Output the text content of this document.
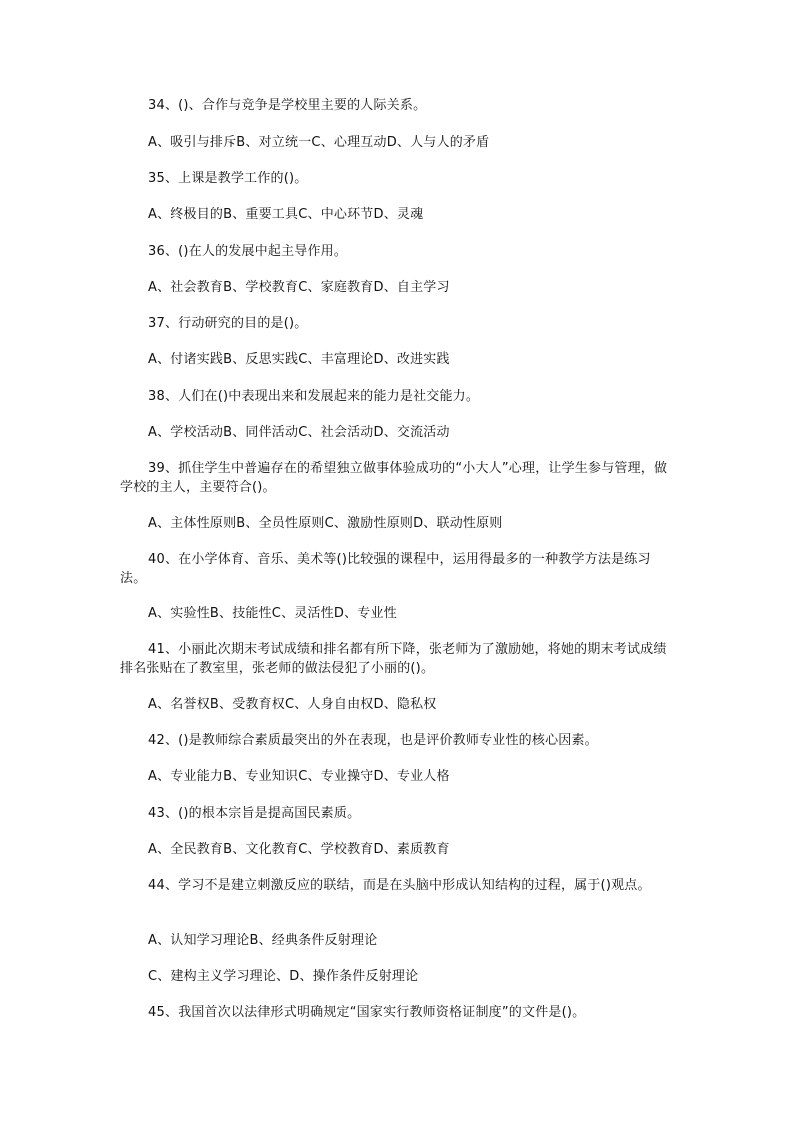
34、()、合作与竞争是学校里主要的人际关系。

A、吸引与排斥B、对立统一C、心理互动D、人与人的矛盾

35、上课是教学工作的()。

A、终极目的B、重要工具C、中心环节D、灵魂

36、()在人的发展中起主导作用。

A、社会教育B、学校教育C、家庭教育D、自主学习

37、行动研究的目的是()。

A、付诸实践B、反思实践C、丰富理论D、改进实践

38、人们在()中表现出来和发展起来的能力是社交能力。

A、学校活动B、同伴活动C、社会活动D、交流活动

39、抓住学生中普遍存在的希望独立做事体验成功的“小大人”心理，让学生参与管理，做学校的主人，主要符合()。

A、主体性原则B、全员性原则C、激励性原则D、联动性原则

40、在小学体育、音乐、美术等()比较强的课程中，运用得最多的一种教学方法是练习法。

A、实验性B、技能性C、灵活性D、专业性

41、小丽此次期末考试成绩和排名都有所下降，张老师为了激励她，将她的期末考试成绩排名张贴在了教室里，张老师的做法侵犯了小丽的()。

A、名誉权B、受教育权C、人身自由权D、隐私权

42、()是教师综合素质最突出的外在表现，也是评价教师专业性的核心因素。

A、专业能力B、专业知识C、专业操守D、专业人格

43、()的根本宗旨是提高国民素质。

A、全民教育B、文化教育C、学校教育D、素质教育

44、学习不是建立刺激反应的联结，而是在头脑中形成认知结构的过程，属于()观点。

A、认知学习理论B、经典条件反射理论

C、建构主义学习理论、D、操作条件反射理论

45、我国首次以法律形式明确规定“国家实行教师资格证制度”的文件是()。
